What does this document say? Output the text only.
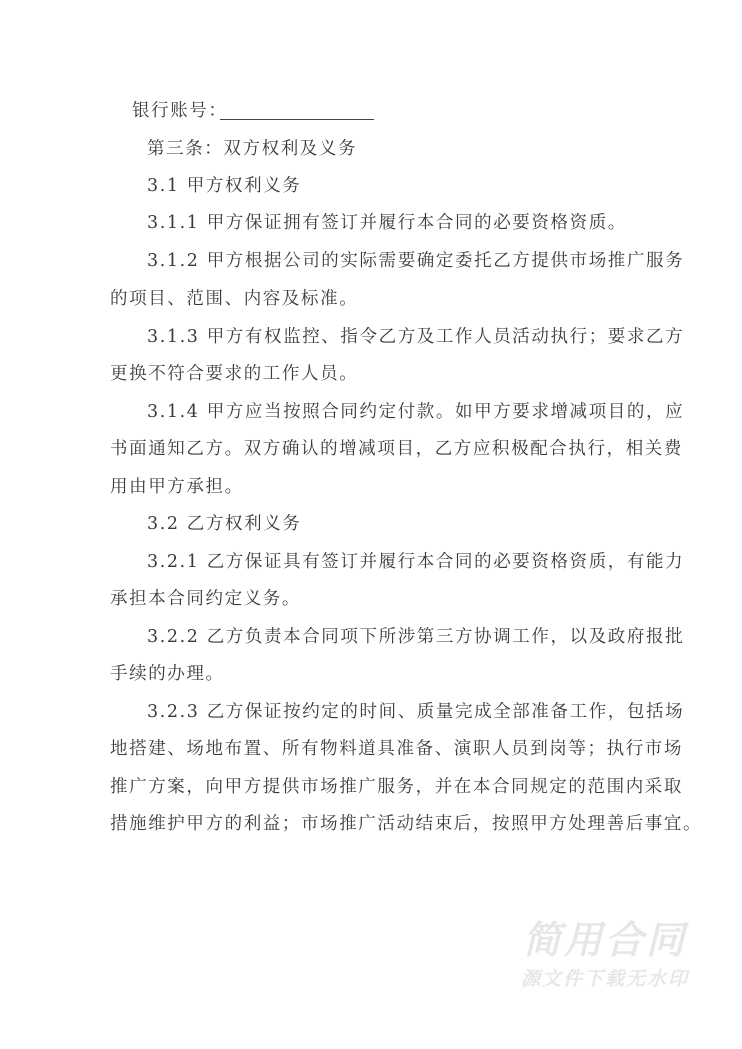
银行账号：
第三条：双方权利及义务
3.1 甲方权利义务
3.1.1 甲方保证拥有签订并履行本合同的必要资格资质。
3.1.2 甲方根据公司的实际需要确定委托乙方提供市场推广服务
的项目、范围、内容及标准。
3.1.3 甲方有权监控、指令乙方及工作人员活动执行；要求乙方
更换不符合要求的工作人员。
3.1.4 甲方应当按照合同约定付款。如甲方要求增减项目的，应
书面通知乙方。双方确认的增减项目，乙方应积极配合执行，相关费
用由甲方承担。
3.2 乙方权利义务
3.2.1 乙方保证具有签订并履行本合同的必要资格资质，有能力
承担本合同约定义务。
3.2.2 乙方负责本合同项下所涉第三方协调工作，以及政府报批
手续的办理。
3.2.3 乙方保证按约定的时间、质量完成全部准备工作，包括场
地搭建、场地布置、所有物料道具准备、演职人员到岗等；执行市场
推广方案，向甲方提供市场推广服务，并在本合同规定的范围内采取
措施维护甲方的利益；市场推广活动结束后，按照甲方处理善后事宜。
简用合同
源文件下载无水印
